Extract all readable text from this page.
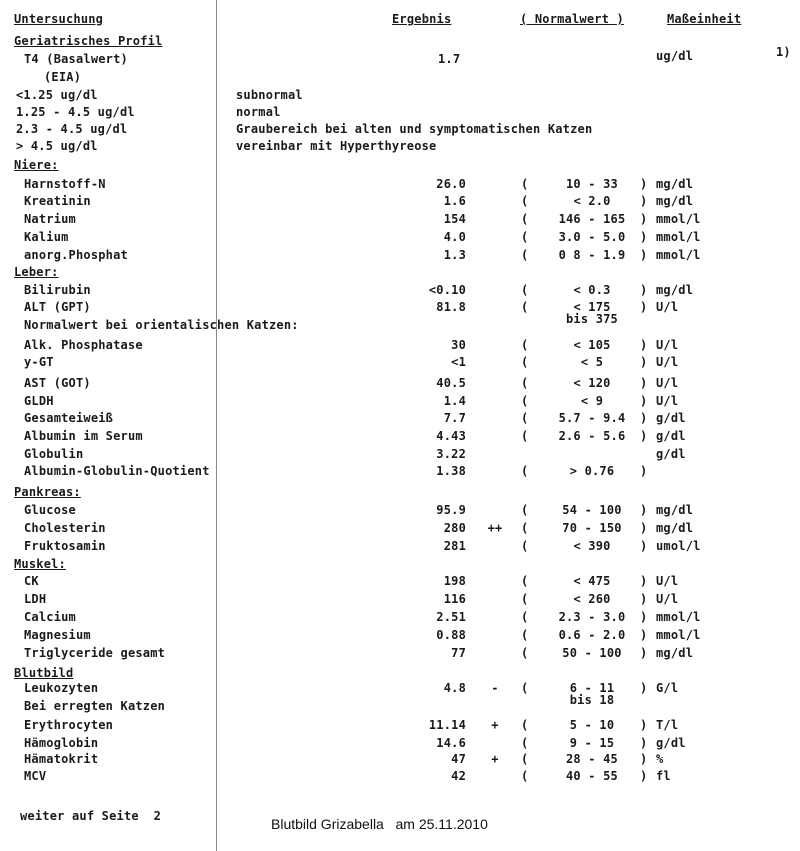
Untersuchung	Ergebnis	( Normalwert )	Maßeinheit
Geriatrisches Profil
T4 (Basalwert)	1.7	ug/dl	1)
(EIA)
<1.25 ug/dl	subnormal
1.25 - 4.5 ug/dl	normal
2.3 - 4.5 ug/dl	Graubereich bei alten und symptomatischen Katzen
> 4.5 ug/dl	vereinbar mit Hyperthyreose
Niere:
Leber:
Pankreas:
Muskel:
Blutbild
Harnstoff-N	26.0	(	10 - 33	) mg/dl
Kreatinin	1.6	(	< 2.0	) mg/dl
Natrium	154	(	146 - 165	) mmol/l
Kalium	4.0	(	3.0 - 5.0	) mmol/l
anorg.Phosphat	1.3	(	0 8 - 1.9	) mmol/l
Bilirubin	<0.10	(	< 0.3	) mg/dl
ALT (GPT)	81.8	(	< 175	) U/l
Normalwert bei orientalischen Katzen:	bis 375
Alk. Phosphatase	30	(	< 105	) U/l
y-GT	<1	(	< 5	) U/l
AST (GOT)	40.5	(	< 120	) U/l
GLDH	1.4	(	< 9	) U/l
Gesamteiweiß	7.7	(	5.7 - 9.4	) g/dl
Albumin im Serum	4.43	(	2.6 - 5.6	) g/dl
Globulin	3.22	g/dl
Albumin-Globulin-Quotient	1.38	(	> 0.76	)
Glucose	95.9	(	54 - 100	) mg/dl
Cholesterin	280	++	(	70 - 150	) mg/dl
Fruktosamin	281	(	< 390	) umol/l
CK	198	(	< 475	) U/l
LDH	116	(	< 260	) U/l
Calcium	2.51	(	2.3 - 3.0	) mmol/l
Magnesium	0.88	(	0.6 - 2.0	) mmol/l
Triglyceride gesamt	77	(	50 - 100	) mg/dl
Leukozyten	4.8	-	(	6 - 11	) G/l
Bei erregten Katzen	bis 18
Erythrocyten	11.14	+	(	5 - 10	) T/l
Hämoglobin	14.6	(	9 - 15	) g/dl
Hämatokrit	47	+	(	28 - 45	) %
MCV	42	(	40 - 55	) fl
weiter auf Seite  2	Blutbild Grizabella   am 25.11.2010
